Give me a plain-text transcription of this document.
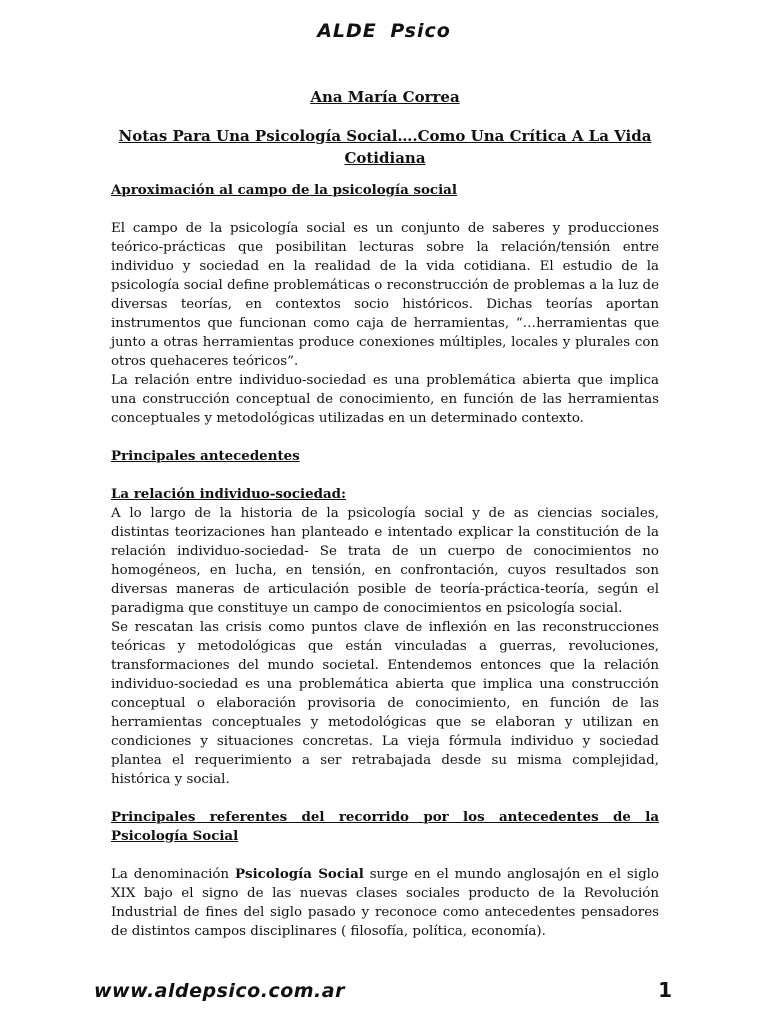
ALDE Psico
Ana María Correa
Notas Para Una Psicología Social….Como Una Crítica A La Vida Cotidiana
Aproximación al campo de la psicología social

El campo de la psicología social es un conjunto de saberes y producciones teórico-prácticas que posibilitan lecturas sobre la relación/tensión entre individuo y sociedad en la realidad de la vida cotidiana. El estudio de la psicología social define problemáticas o reconstrucción de problemas a la luz de diversas teorías, en contextos socio históricos. Dichas teorías aportan instrumentos que funcionan como caja de herramientas, “…herramientas que junto a otras herramientas produce conexiones múltiples, locales y plurales con otros quehaceres teóricos”.

La relación entre individuo-sociedad es una problemática abierta que implica una construcción conceptual de conocimiento, en función de las herramientas conceptuales y metodológicas utilizadas en un determinado contexto.

Principales antecedentes
La relación individuo-sociedad:

A lo largo de la historia de la psicología social y de as ciencias sociales, distintas teorizaciones han planteado e intentado explicar la constitución de la relación individuo-sociedad- Se trata de un cuerpo de conocimientos no homogéneos, en lucha, en tensión, en confrontación, cuyos resultados son diversas maneras de articulación posible de teoría-práctica-teoría, según el paradigma que constituye un campo de conocimientos en psicología social.

Se rescatan las crisis como puntos clave de inflexión en las reconstrucciones teóricas y metodológicas que están vinculadas a guerras, revoluciones, transformaciones del mundo societal. Entendemos entonces que la relación individuo-sociedad es una problemática abierta que implica una construcción conceptual o elaboración provisoria de conocimiento, en función de las herramientas conceptuales y metodológicas que se elaboran y utilizan en condiciones y situaciones concretas. La vieja fórmula individuo y sociedad plantea el requerimiento a ser retrabajada desde su misma complejidad, histórica y social.

Principales referentes del recorrido por los antecedentes de la Psicología Social

La denominación Psicología Social surge en el mundo anglosajón en el siglo XIX bajo el signo de las nuevas clases sociales producto de la Revolución Industrial de fines del siglo pasado y reconoce como antecedentes pensadores de distintos campos disciplinares ( filosofía, política, economía).

www.aldepsico.com.ar	1
